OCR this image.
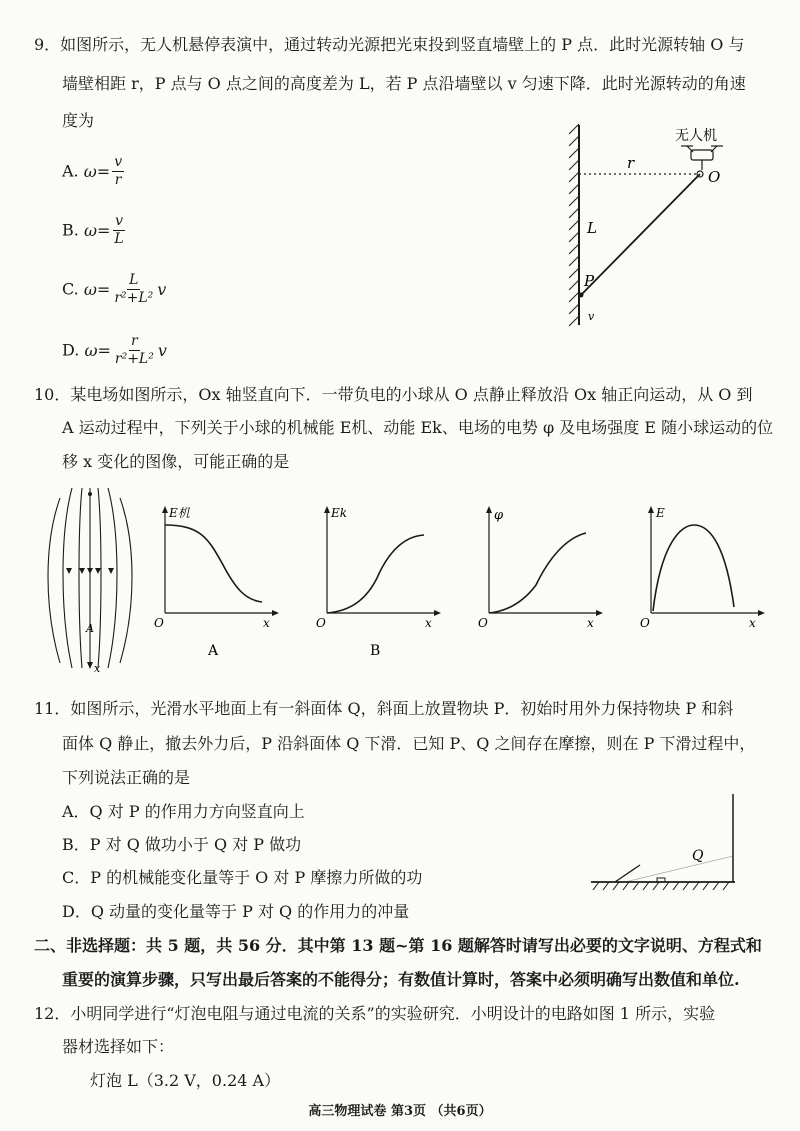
9．如图所示，无人机悬停表演中，通过转动光源把光束投到竖直墙壁上的 P 点．此时光源转轴 O 与
墙壁相距 r，P 点与 O 点之间的高度差为 L，若 P 点沿墙壁以 v 匀速下降．此时光源转动的角速
度为
A. $\omega= \frac{v}{r}$
B. $\omega= \frac{v}{L}$
C. $\omega= \frac{L}{\text{r²+L²}}$ v
D. $\omega= \frac{r}{\text{r²+L²}}$ v
无人机
r
O
L
P
v
10．某电场如图所示，Ox 轴竖直向下．一带负电的小球从 O 点静止释放沿 Ox 轴正向运动，从 O 到
A 运动过程中，下列关于小球的机械能 E机、动能 Ek、电场的电势 φ 及电场强度 E 随小球运动的位
移 x 变化的图像，可能正确的是
A
x
E机
O	x
A
Ek
O	x
B
φ
O	x
E
O	x
11．如图所示，光滑水平地面上有一斜面体 Q，斜面上放置物块 P．初始时用外力保持物块 P 和斜
面体 Q 静止，撤去外力后，P 沿斜面体 Q 下滑．已知 P、Q 之间存在摩擦，则在 P 下滑过程中，
下列说法正确的是
A．Q 对 P 的作用力方向竖直向上
B．P 对 Q 做功小于 Q 对 P 做功
C．P 的机械能变化量等于 O 对 P 摩擦力所做的功
D．Q 动量的变化量等于 P 对 Q 的作用力的冲量
Q
二、非选择题：共 5 题，共 56 分．其中第 13 题~第 16 题解答时请写出必要的文字说明、方程式和
重要的演算步骤，只写出最后答案的不能得分；有数值计算时，答案中必须明确写出数值和单位.
12．小明同学进行“灯泡电阻与通过电流的关系”的实验研究．小明设计的电路如图 1 所示，实验
器材选择如下：
灯泡 L（3.2 V，0.24 A）
高三物理试卷 第3页 （共6页）
